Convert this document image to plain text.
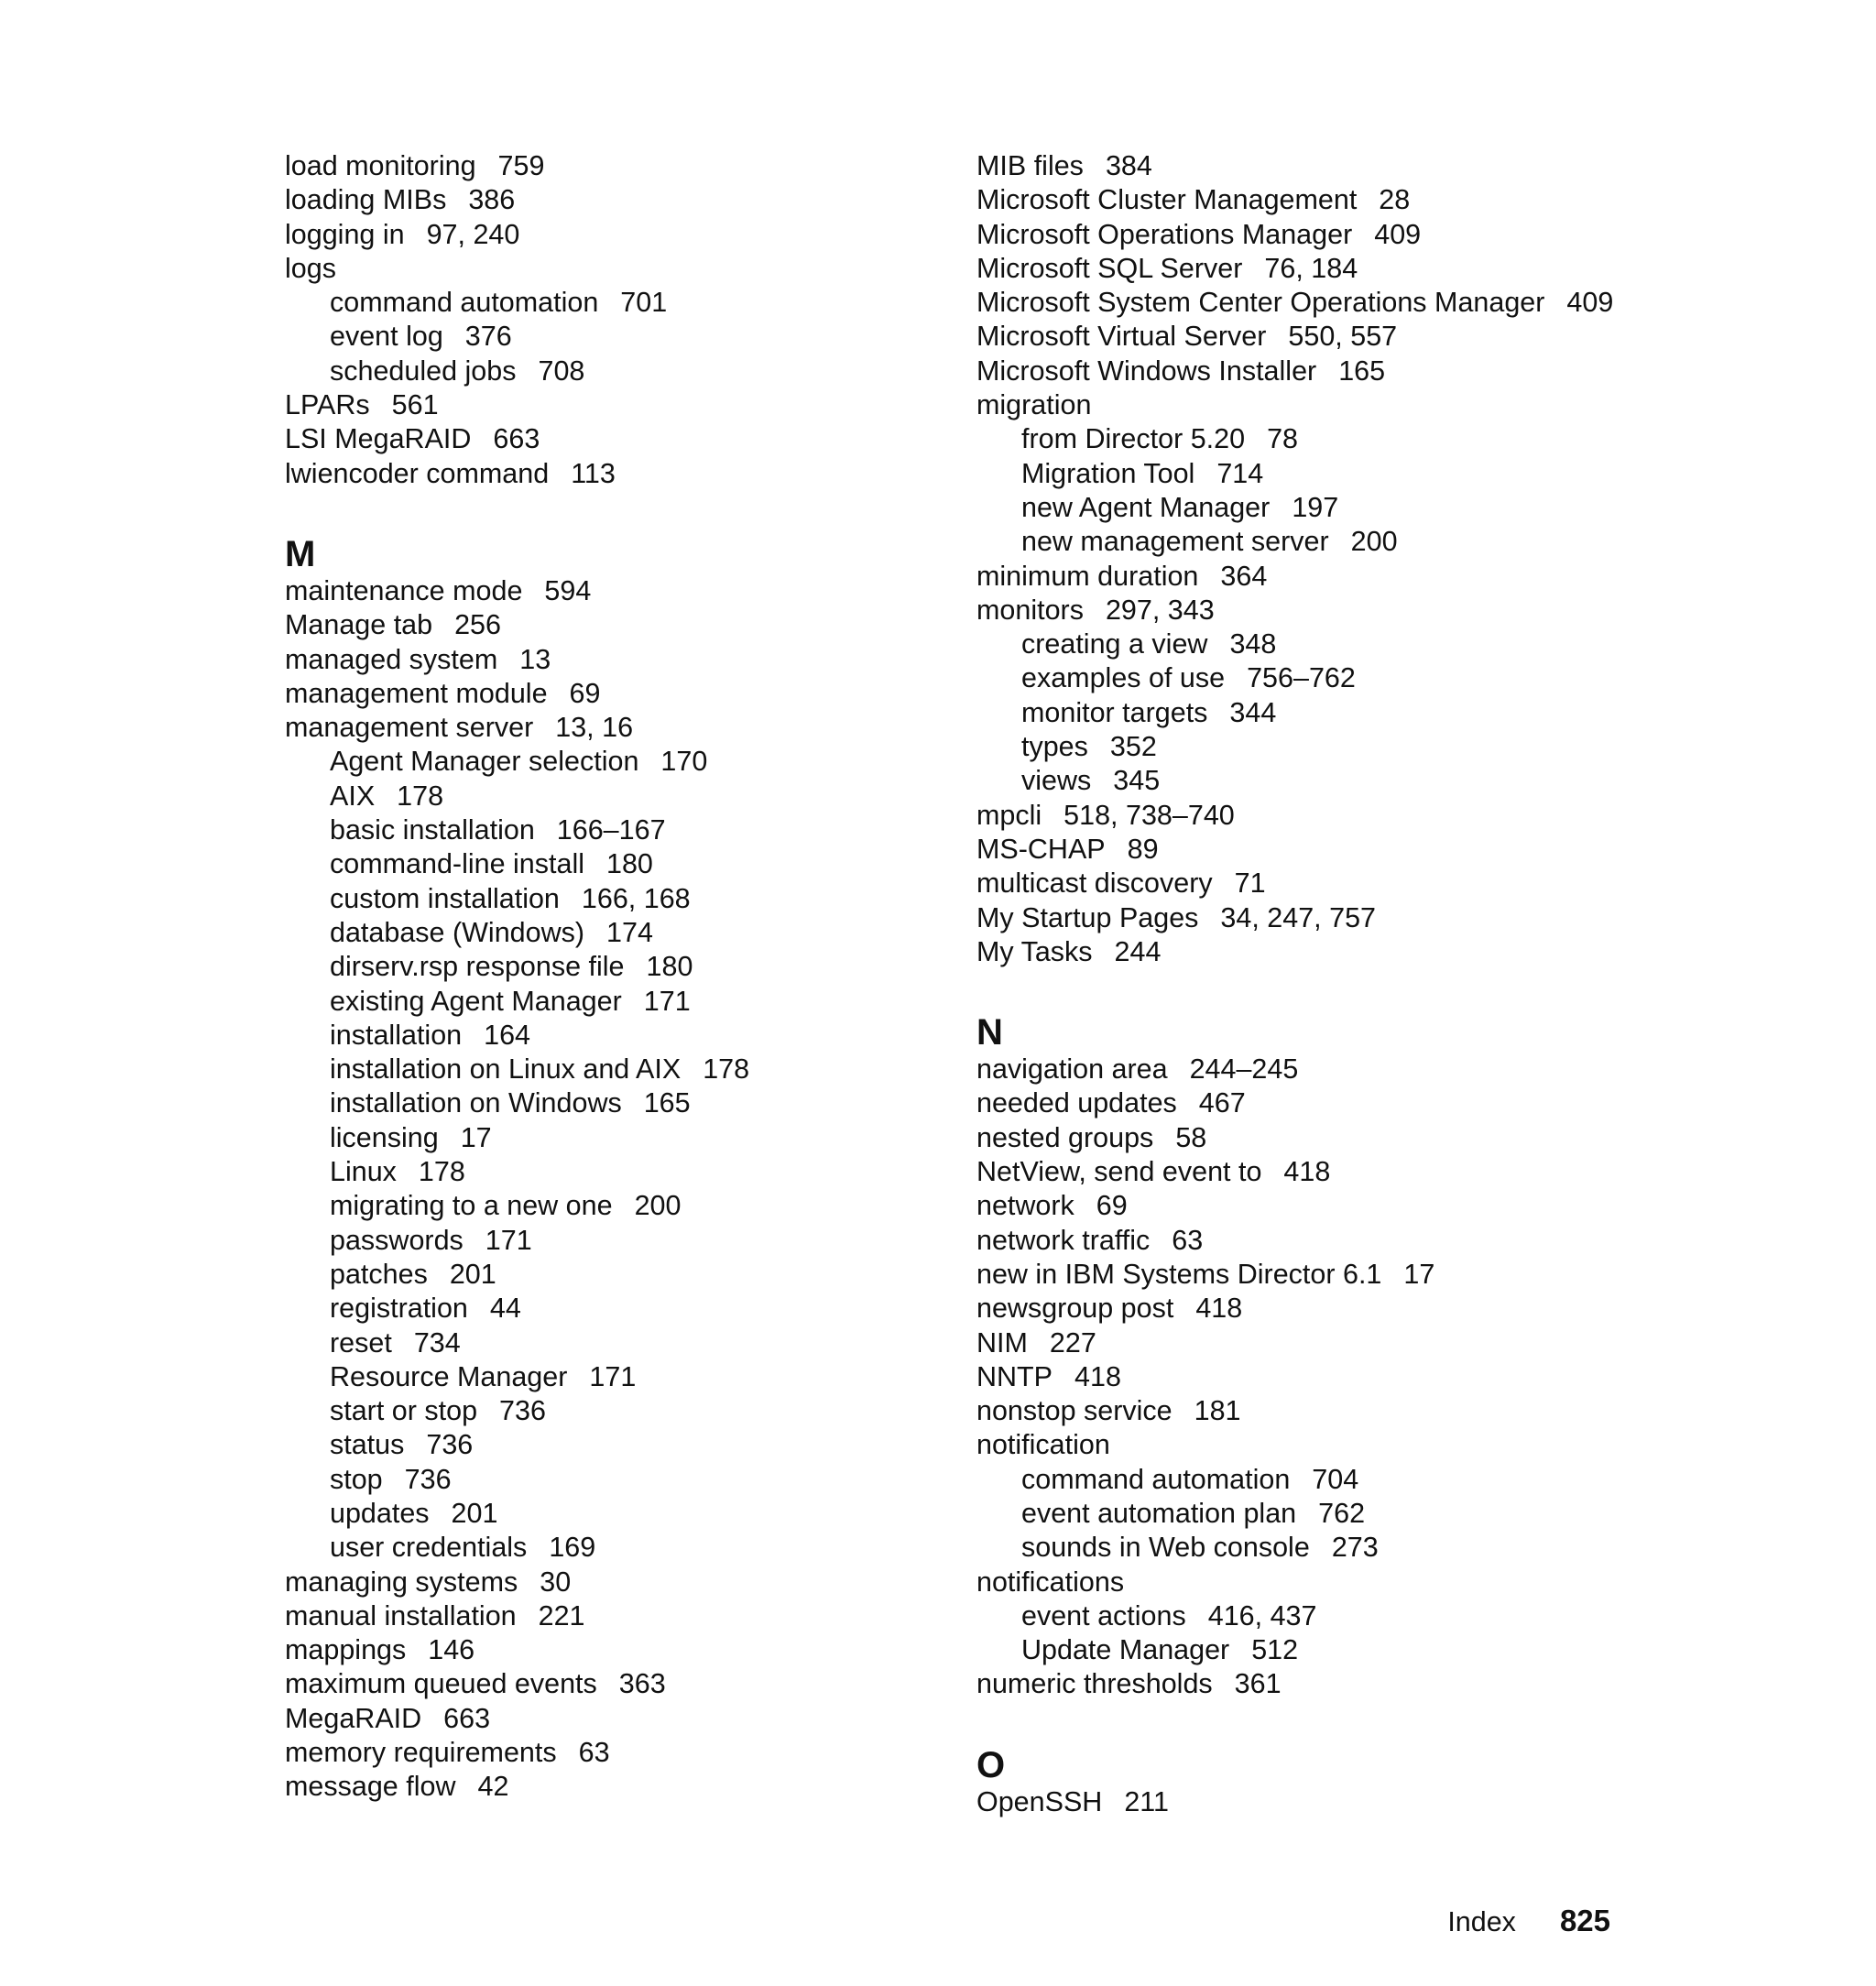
load monitoring 759
loading MIBs 386
logging in 97, 240
logs
command automation 701
event log 376
scheduled jobs 708
LPARs 561
LSI MegaRAID 663
lwiencoder command 113
M
maintenance mode 594
Manage tab 256
managed system 13
management module 69
management server 13, 16
Agent Manager selection 170
AIX 178
basic installation 166–167
command-line install 180
custom installation 166, 168
database (Windows) 174
dirserv.rsp response file 180
existing Agent Manager 171
installation 164
installation on Linux and AIX 178
installation on Windows 165
licensing 17
Linux 178
migrating to a new one 200
passwords 171
patches 201
registration 44
reset 734
Resource Manager 171
start or stop 736
status 736
stop 736
updates 201
user credentials 169
managing systems 30
manual installation 221
mappings 146
maximum queued events 363
MegaRAID 663
memory requirements 63
message flow 42
MIB files 384
Microsoft Cluster Management 28
Microsoft Operations Manager 409
Microsoft SQL Server 76, 184
Microsoft System Center Operations Manager 409
Microsoft Virtual Server 550, 557
Microsoft Windows Installer 165
migration
from Director 5.20 78
Migration Tool 714
new Agent Manager 197
new management server 200
minimum duration 364
monitors 297, 343
creating a view 348
examples of use 756–762
monitor targets 344
types 352
views 345
mpcli 518, 738–740
MS-CHAP 89
multicast discovery 71
My Startup Pages 34, 247, 757
My Tasks 244
N
navigation area 244–245
needed updates 467
nested groups 58
NetView, send event to 418
network 69
network traffic 63
new in IBM Systems Director 6.1 17
newsgroup post 418
NIM 227
NNTP 418
nonstop service 181
notification
command automation 704
event automation plan 762
sounds in Web console 273
notifications
event actions 416, 437
Update Manager 512
numeric thresholds 361
O
OpenSSH 211
Index 825
